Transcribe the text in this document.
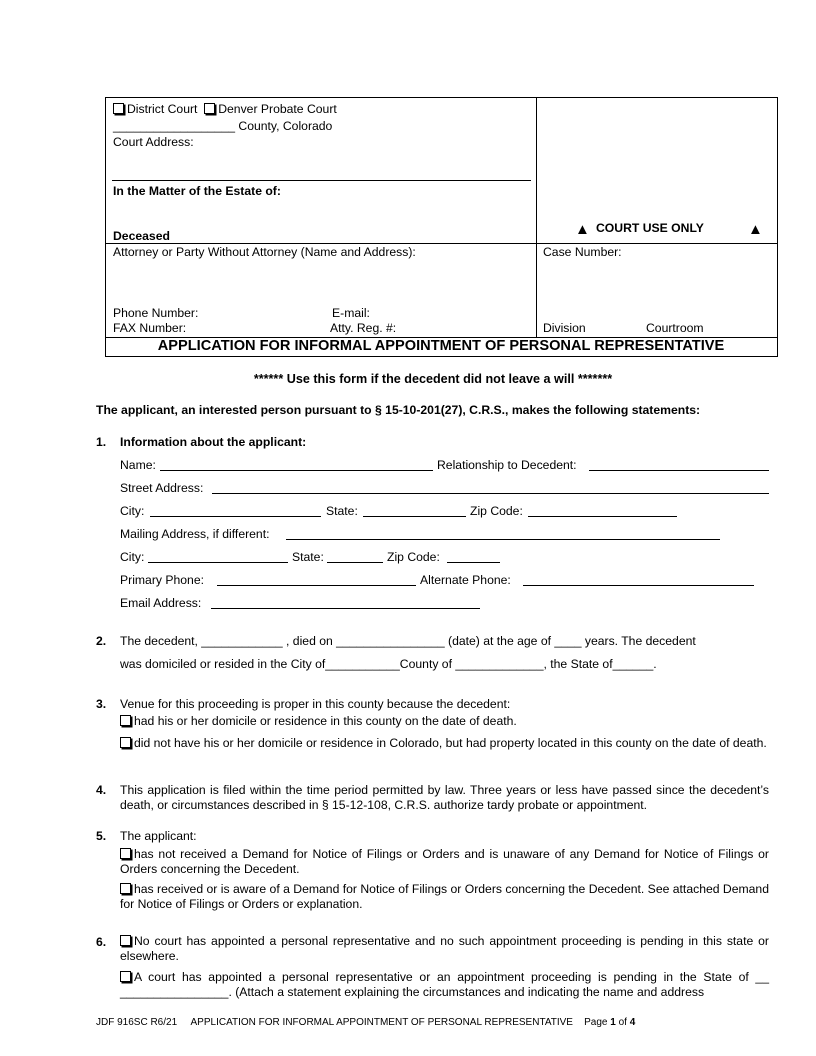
District Court Denver Probate Court
__________________ County, Colorado
Court Address:
In the Matter of the Estate of:
Deceased	▲ COURT USE ONLY	▲
Attorney or Party Without Attorney (Name and Address):
Phone Number:	E-mail:
FAX Number:	Atty. Reg. #:
Case Number:
Division	Courtroom
APPLICATION FOR INFORMAL APPOINTMENT OF PERSONAL REPRESENTATIVE
****** Use this form if the decedent did not leave a will *******
The applicant, an interested person pursuant to § 15-10-201(27), C.R.S., makes the following statements:
1. Information about the applicant:
Name:	Relationship to Decedent:
Street Address:
City:	State:	Zip Code:
Mailing Address, if different:
City:	State:	Zip Code:
Primary Phone:	Alternate Phone:
Email Address:
2. The decedent, ____________ , died on ________________ (date) at the age of ____ years. The decedent
was domiciled or resided in the City of___________County of _____________, the State of______.
3. Venue for this proceeding is proper in this county because the decedent:
had his or her domicile or residence in this county on the date of death.
did not have his or her domicile or residence in Colorado, but had property located in this county on the date of death.
4. This application is filed within the time period permitted by law. Three years or less have passed since the decedent’s death, or circumstances described in § 15-12-108, C.R.S. authorize tardy probate or appointment.
5. The applicant:
has not received a Demand for Notice of Filings or Orders and is unaware of any Demand for Notice of Filings or Orders concerning the Decedent.
has received or is aware of a Demand for Notice of Filings or Orders concerning the Decedent. See attached Demand for Notice of Filings or Orders or explanation.
6.	No court has appointed a personal representative and no such appointment proceeding is pending in this state or elsewhere.
A court has appointed a personal representative or an appointment proceeding is pending in the State of __ ________________. (Attach a statement explaining the circumstances and indicating the name and address
JDF 916SC R6/21 APPLICATION FOR INFORMAL APPOINTMENT OF PERSONAL REPRESENTATIVE Page 1 of 4
